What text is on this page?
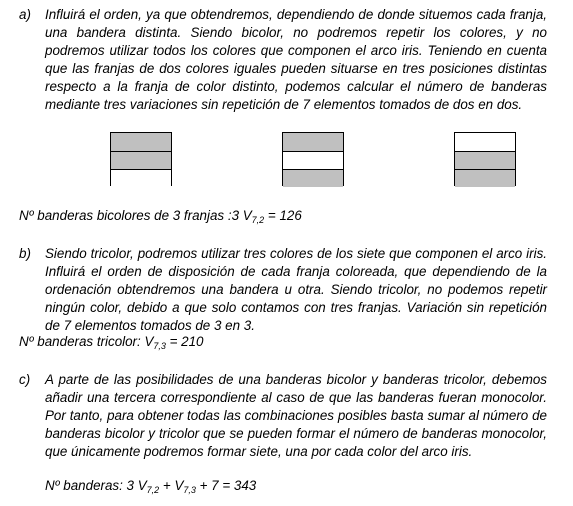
a) Influirá el orden, ya que obtendremos, dependiendo de donde situemos cada franja, una bandera distinta. Siendo bicolor, no podremos repetir los colores, y no podremos utilizar todos los colores que componen el arco iris. Teniendo en cuenta que las franjas de dos colores iguales pueden situarse en tres posiciones distintas respecto a la franja de color distinto, podemos calcular el número de banderas mediante tres variaciones sin repetición de 7 elementos tomados de dos en dos.
Nº banderas bicolores de 3 franjas :3 $V_{7,2} = 126$
b) Siendo tricolor, podremos utilizar tres colores de los siete que componen el arco iris. Influirá el orden de disposición de cada franja coloreada, que dependiendo de la ordenación obtendremos una bandera u otra. Siendo tricolor, no podemos repetir ningún color, debido a que solo contamos con tres franjas. Variación sin repetición de 7 elementos tomados de 3 en 3.
Nº banderas tricolor: $V_{7,3} = 210$
c) A parte de las posibilidades de una banderas bicolor y banderas tricolor, debemos añadir una tercera correspondiente al caso de que las banderas fueran monocolor. Por tanto, para obtener todas las combinaciones posibles basta sumar al número de banderas bicolor y tricolor que se pueden formar el número de banderas monocolor, que únicamente podremos formar siete, una por cada color del arco iris.
Nº banderas: 3 $V_{7,2} + V_{7,3} + 7 = 343$
